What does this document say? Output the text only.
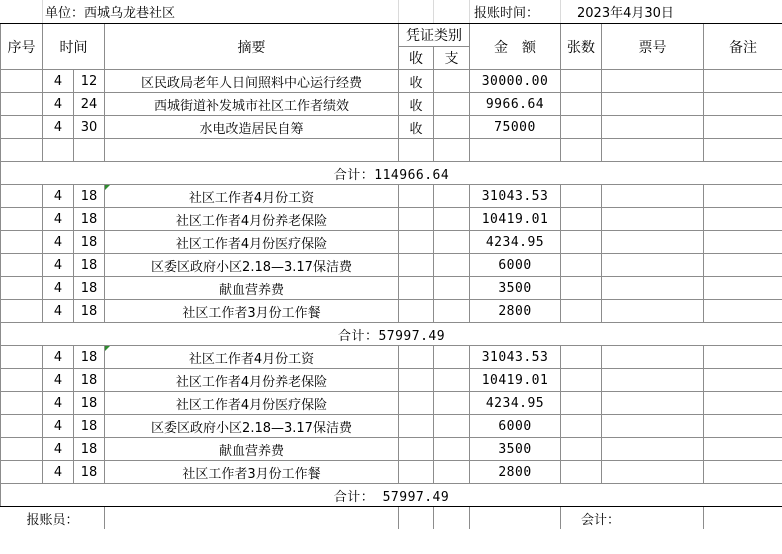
	单位：西城乌龙巷社区					报账时间：	2023年4月30日		
序号	时间		摘要	凭证类别		金　额	张数	票号	备注
				收	支				
	4	12	区民政局老年人日间照料中心运行经费	收		30000.00			
	4	24	西城街道补发城市社区工作者绩效	收		9966.64			
	4	30	水电改造居民自筹	收		75000			

合计：114966.64									
	4	18	社区工作者4月份工资			31043.53			
	4	18	社区工作者4月份养老保险			10419.01			
	4	18	社区工作者4月份医疗保险			4234.95			
	4	18	区委区政府小区2.18—3.17保洁费			6000			
	4	18	献血营养费			3500			
	4	18	社区工作者3月份工作餐			2800			
合计：57997.49									
	4	18	社区工作者4月份工资			31043.53			
	4	18	社区工作者4月份养老保险			10419.01			
	4	18	社区工作者4月份医疗保险			4234.95			
	4	18	区委区政府小区2.18—3.17保洁费			6000			
	4	18	献血营养费			3500			
	4	18	社区工作者3月份工作餐			2800			
合计： 57997.49									
报账员：							会计：		
